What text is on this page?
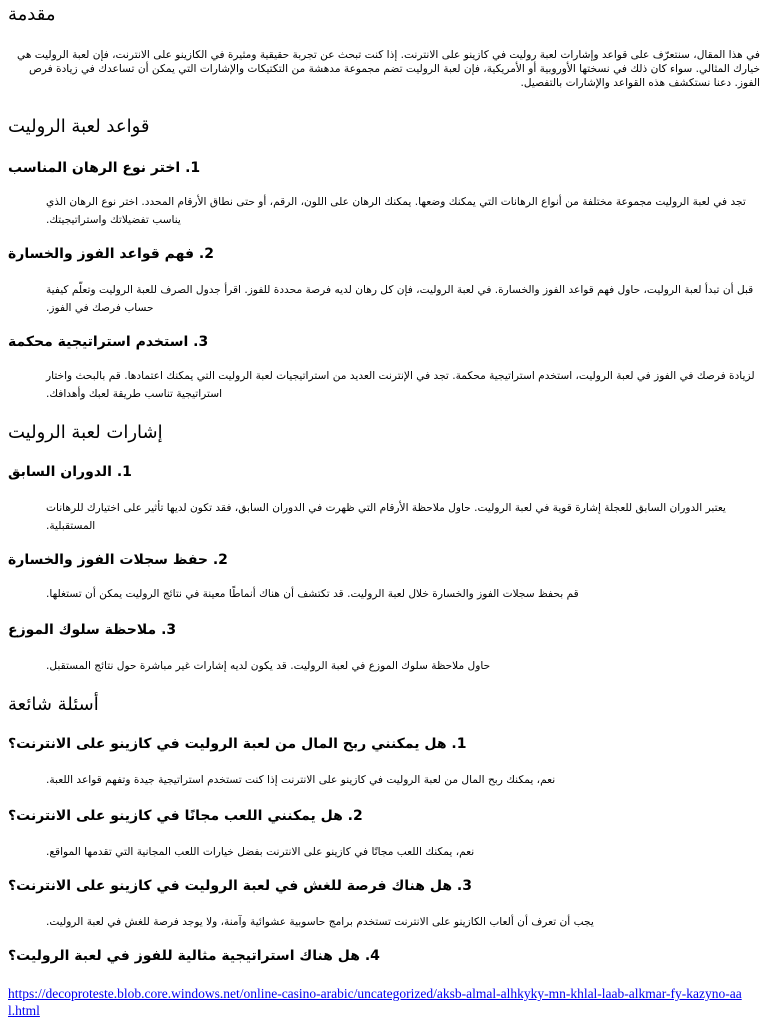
مقدمة

في هذا المقال، سنتعرّف على قواعد وإشارات لعبة روليت في كازينو على الانترنت. إذا كنت تبحث عن تجربة حقيقية ومثيرة في الكازينو على الانترنت، فإن لعبة الروليت هي خيارك المثالي. سواء كان ذلك في نسختها الأوروبية أو الأمريكية، فإن لعبة الروليت تضم مجموعة مدهشة من التكتيكات والإشارات التي يمكن أن تساعدك في زيادة فرص الفوز. دعنا نستكشف هذه القواعد والإشارات بالتفصيل.

قواعد لعبة الروليت
1. اختر نوع الرهان المناسب

تجد في لعبة الروليت مجموعة مختلفة من أنواع الرهانات التي يمكنك وضعها. يمكنك الرهان على اللون، الرقم، أو حتى نطاق الأرقام المحدد. اختر نوع الرهان الذي يناسب تفضيلاتك واستراتيجيتك.

2. فهم قواعد الفوز والخسارة

قبل أن تبدأ لعبة الروليت، حاول فهم قواعد الفوز والخسارة. في لعبة الروليت، فإن كل رهان لديه فرصة محددة للفوز. اقرأ جدول الصرف للعبة الروليت وتعلّم كيفية حساب فرصك في الفوز.

3. استخدم استراتيجية محكمة

لزيادة فرصك في الفوز في لعبة الروليت، استخدم استراتيجية محكمة. تجد في الإنترنت العديد من استراتيجيات لعبة الروليت التي يمكنك اعتمادها. قم بالبحث واختار استراتيجية تناسب طريقة لعبك وأهدافك.

إشارات لعبة الروليت
1. الدوران السابق

يعتبر الدوران السابق للعجلة إشارة قوية في لعبة الروليت. حاول ملاحظة الأرقام التي ظهرت في الدوران السابق، فقد تكون لديها تأثير على اختيارك للرهانات المستقبلية.

2. حفظ سجلات الفوز والخسارة

قم بحفظ سجلات الفوز والخسارة خلال لعبة الروليت. قد تكتشف أن هناك أنماطًا معينة في نتائج الروليت يمكن أن تستغلها.

3. ملاحظة سلوك الموزع

حاول ملاحظة سلوك الموزع في لعبة الروليت. قد يكون لديه إشارات غير مباشرة حول نتائج المستقبل.

أسئلة شائعة
1. هل يمكنني ربح المال من لعبة الروليت في كازينو على الانترنت؟

نعم، يمكنك ربح المال من لعبة الروليت في كازينو على الانترنت إذا كنت تستخدم استراتيجية جيدة وتفهم قواعد اللعبة.

2. هل يمكنني اللعب مجانًا في كازينو على الانترنت؟

نعم، يمكنك اللعب مجانًا في كازينو على الانترنت بفضل خيارات اللعب المجانية التي تقدمها المواقع.

3. هل هناك فرصة للغش في لعبة الروليت في كازينو على الانترنت؟

يجب أن تعرف أن ألعاب الكازينو على الانترنت تستخدم برامج حاسوبية عشوائية وآمنة، ولا يوجد فرصة للغش في لعبة الروليت.

4. هل هناك استراتيجية مثالية للفوز في لعبة الروليت؟
https://decoproteste.blob.core.windows.net/online-casino-arabic/uncategorized/aksb-almal-alhkyky-mn-khlal-laab-alkmar-fy-kazyno-aal.html
